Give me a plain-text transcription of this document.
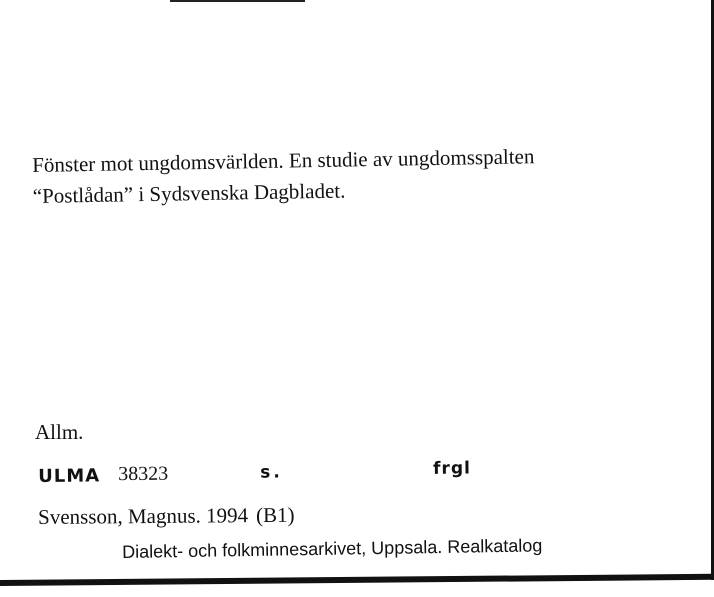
Fönster mot ungdomsvärlden. En studie av ungdomsspalten
“Postlådan” i Sydsvenska Dagbladet.
Allm.
ULMA 38323	s.	frgl
Svensson, Magnus. 1994 (B1)
Dialekt- och folkminnesarkivet, Uppsala. Realkatalog
